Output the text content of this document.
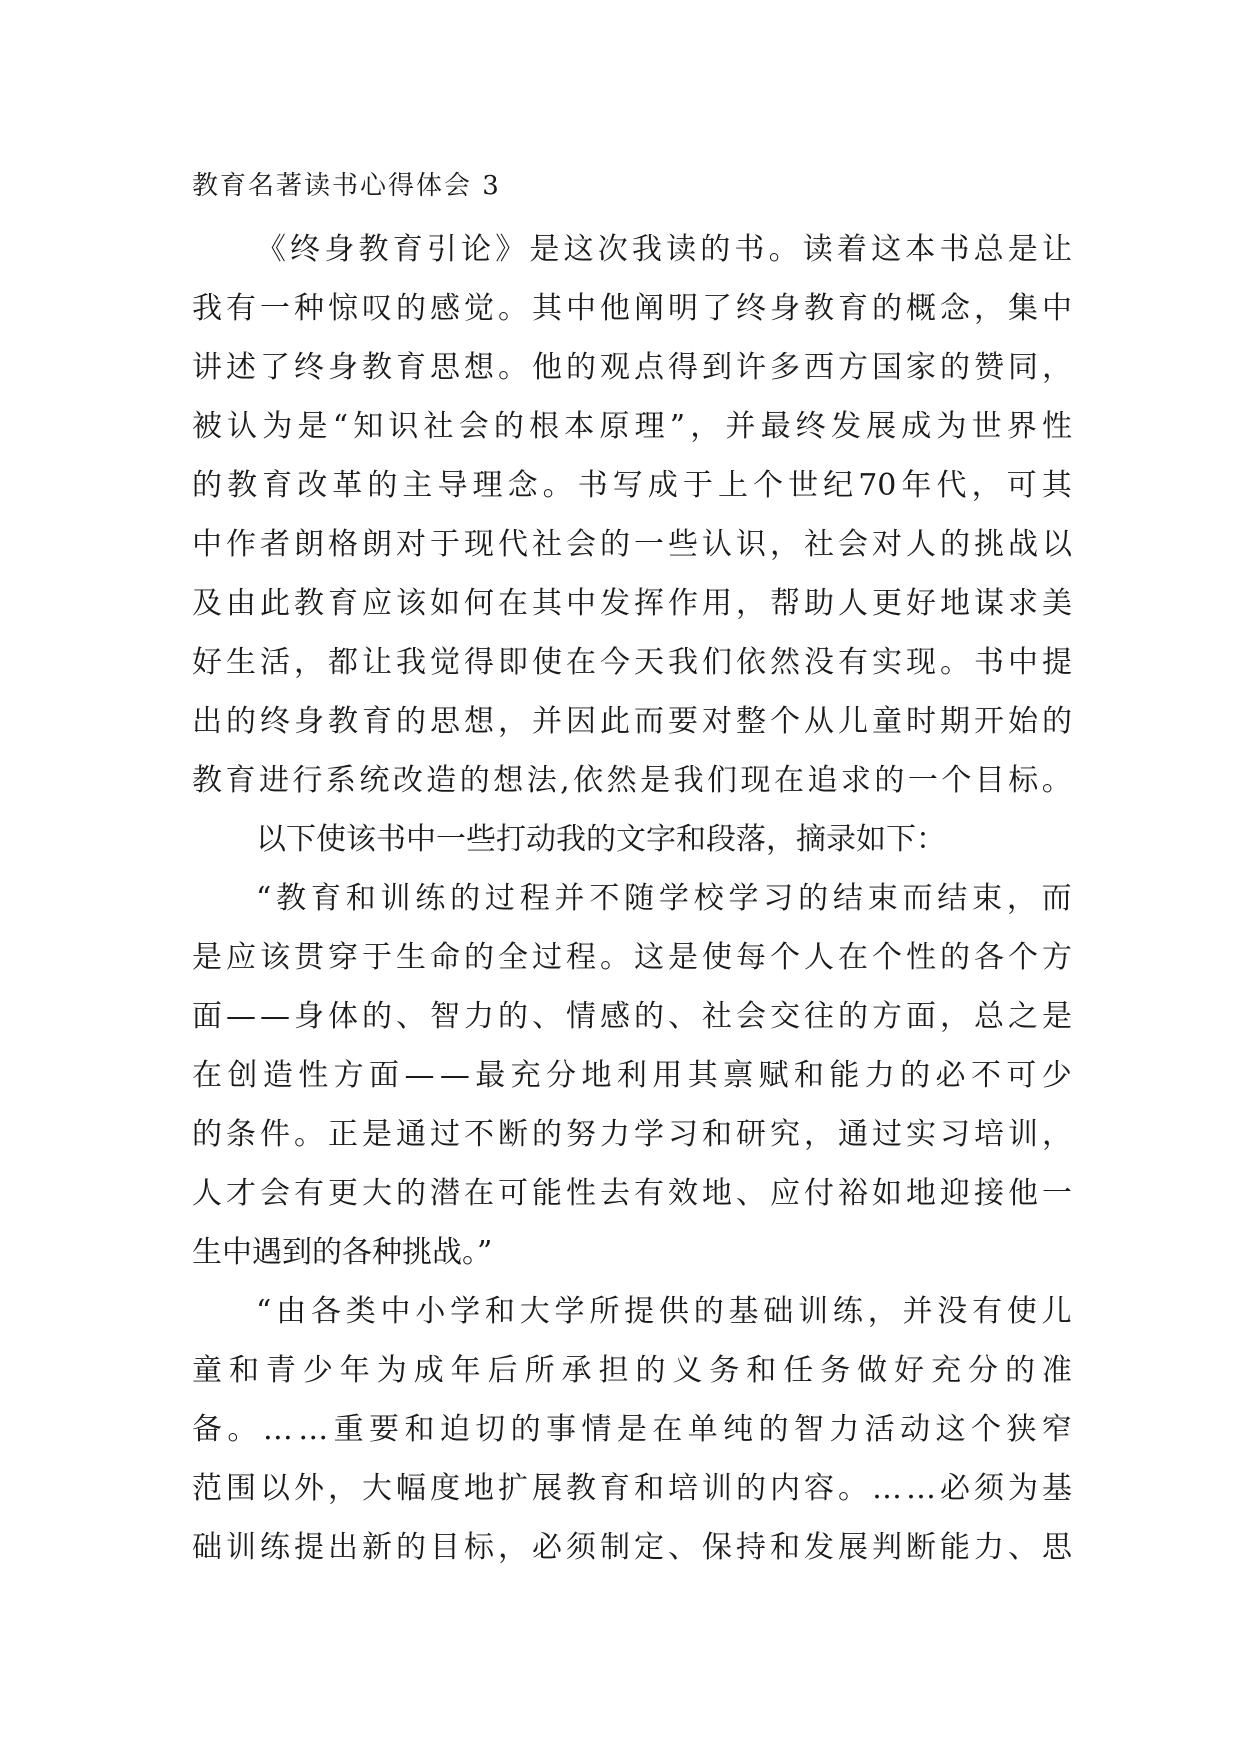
教育名著读书心得体会 3
《 终 身 教 育 引 论 》 是 这 次 我 读 的 书 。 读 着 这 本 书 总 是 让
我 有 一 种 惊 叹 的 感 觉 。 其 中 他 阐 明 了 终 身 教 育 的 概 念 ， 集 中
讲 述 了 终 身 教 育 思 想 。 他 的 观 点 得 到 许 多 西 方 国 家 的 赞 同 ，
被 认 为 是 “ 知 识 社 会 的 根 本 原 理 ” ， 并 最 终 发 展 成 为 世 界 性
的 教 育 改 革 的 主 导 理 念 。 书 写 成 于 上 个 世 纪 70 年 代 ， 可 其
中 作 者 朗 格 朗 对 于 现 代 社 会 的 一 些 认 识 ， 社 会 对 人 的 挑 战 以
及 由 此 教 育 应 该 如 何 在 其 中 发 挥 作 用 ， 帮 助 人 更 好 地 谋 求 美
好 生 活 ， 都 让 我 觉 得 即 使 在 今 天 我 们 依 然 没 有 实 现 。 书 中 提
出 的 终 身 教 育 的 思 想 ， 并 因 此 而 要 对 整 个 从 儿 童 时 期 开 始 的
教 育 进 行 系 统 改 造 的 想 法 , 依 然 是 我 们 现 在 追 求 的 一 个 目 标 。
以下使该书中一些打动我的文字和段落，摘录如下：
“ 教 育 和 训 练 的 过 程 并 不 随 学 校 学 习 的 结 束 而 结 束 ， 而
是 应 该 贯 穿 于 生 命 的 全 过 程 。 这 是 使 每 个 人 在 个 性 的 各 个 方
面 — — 身 体 的 、 智 力 的 、 情 感 的 、 社 会 交 往 的 方 面 ， 总 之 是
在 创 造 性 方 面 — — 最 充 分 地 利 用 其 禀 赋 和 能 力 的 必 不 可 少
的 条 件 。 正 是 通 过 不 断 的 努 力 学 习 和 研 究 ， 通 过 实 习 培 训 ，
人 才 会 有 更 大 的 潜 在 可 能 性 去 有 效 地 、 应 付 裕 如 地 迎 接 他 一
生中遇到的各种挑战。”
“ 由 各 类 中 小 学 和 大 学 所 提 供 的 基 础 训 练 ， 并 没 有 使 儿
童 和 青 少 年 为 成 年 后 所 承 担 的 义 务 和 任 务 做 好 充 分 的 准
备 。 … … 重 要 和 迫 切 的 事 情 是 在 单 纯 的 智 力 活 动 这 个 狭 窄
范 围 以 外 ， 大 幅 度 地 扩 展 教 育 和 培 训 的 内 容 。 … … 必 须 为 基
础 训 练 提 出 新 的 目 标 ， 必 须 制 定 、 保 持 和 发 展 判 断 能 力 、 思
